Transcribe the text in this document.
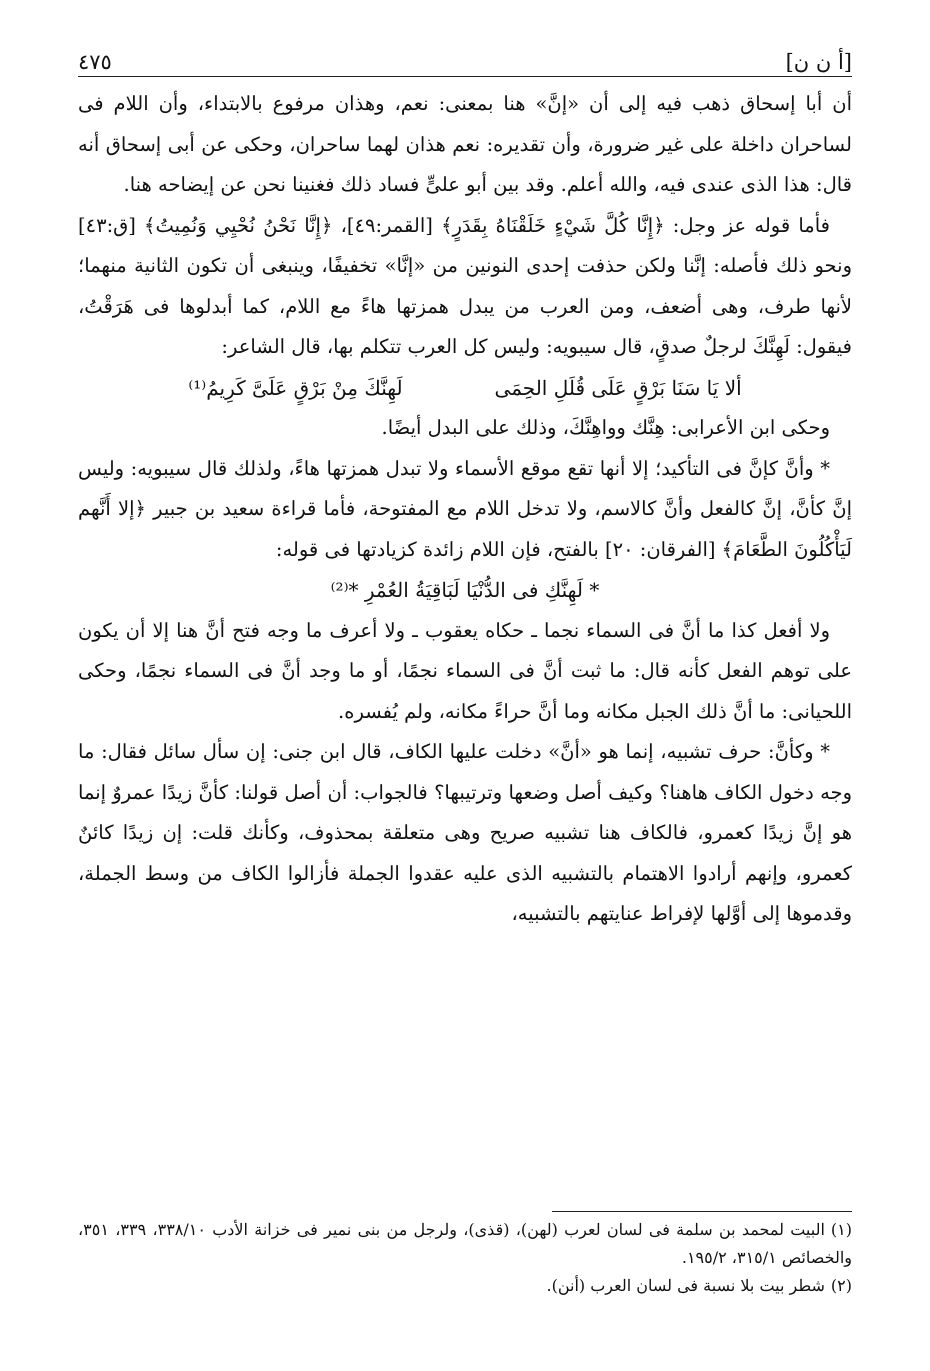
[أ ن ن]
٤٧٥

أن أبا إسحاق ذهب فيه إلى أن «إنَّ» هنا بمعنى: نعم، وهذان مرفوع بالابتداء، وأن اللام فى لساحران داخلة على غير ضرورة، وأن تقديره: نعم هذان لهما ساحران، وحكى عن أبى إسحاق أنه قال: هذا الذى عندى فيه، والله أعلم. وقد بين أبو علىٍّ فساد ذلك فغنينا نحن عن إيضاحه هنا.

فأما قوله عز وجل: ﴿إِنَّا كُلَّ شَيْءٍ خَلَقْنَاهُ بِقَدَرٍ﴾ [القمر:٤٩]، ﴿إِنَّا نَحْنُ نُحْيِي وَنُمِيتُ﴾ [ق:٤٣] ونحو ذلك فأصله: إنَّنا ولكن حذفت إحدى النونين من «إنَّا» تخفيفًا، وينبغى أن تكون الثانية منهما؛ لأنها طرف، وهى أضعف، ومن العرب من يبدل همزتها هاءً مع اللام، كما أبدلوها فى هَرَقْتُ، فيقول: لَهِنَّكَ لرجلٌ صدقٍ، قال سيبويه: وليس كل العرب تتكلم بها، قال الشاعر:

ألا يَا سَنَا بَرْقٍ عَلَى قُلَلِ الحِمَى
لَهِنَّكَ مِنْ بَرْقٍ عَلَىَّ كَرِيمُ⁽¹⁾

وحكى ابن الأعرابى: هِنَّك وواهِنَّكَ، وذلك على البدل أيضًا.

* وأنَّ كإنَّ فى التأكيد؛ إلا أنها تقع موقع الأسماء ولا تبدل همزتها هاءً، ولذلك قال سيبويه: وليس إنَّ كأنَّ، إنَّ كالفعل وأنَّ كالاسم، ولا تدخل اللام مع المفتوحة، فأما قراءة سعيد بن جبير ﴿إلا أَنَّهم لَيَأْكُلُونَ الطَّعَامَ﴾ [الفرقان: ٢٠] بالفتح، فإن اللام زائدة كزيادتها فى قوله:

* لَهِنَّكِ فى الدُّنْيَا لَبَاقِيَةُ العُمْرِ *⁽²⁾

ولا أفعل كذا ما أنَّ فى السماء نجما ـ حكاه يعقوب ـ ولا أعرف ما وجه فتح أنَّ هنا إلا أن يكون على توهم الفعل كأنه قال: ما ثبت أنَّ فى السماء نجمًا، أو ما وجد أنَّ فى السماء نجمًا، وحكى اللحيانى: ما أنَّ ذلك الجبل مكانه وما أنَّ حراءً مكانه، ولم يُفسره.

* وكأنَّ: حرف تشبيه، إنما هو «أنَّ» دخلت عليها الكاف، قال ابن جنى: إن سأل سائل فقال: ما وجه دخول الكاف هاهنا؟ وكيف أصل وضعها وترتيبها؟ فالجواب: أن أصل قولنا: كأنَّ زيدًا عمروٌ إنما هو إنَّ زيدًا كعمرو، فالكاف هنا تشبيه صريح وهى متعلقة بمحذوف، وكأنك قلت: إن زيدًا كائنٌ كعمرو، وإنهم أرادوا الاهتمام بالتشبيه الذى عليه عقدوا الجملة فأزالوا الكاف من وسط الجملة، وقدموها إلى أوَّلها لإفراط عنايتهم بالتشبيه،

(١)البيت لمحمد بن سلمة فى لسان لعرب (لهن)، (قذى)، ولرجل من بنى نمير فى خزانة الأدب ٣٣٨/١٠، ٣٣٩، ٣٥١، والخصائص ٣١٥/١، ١٩٥/٢.

(٢)شطر بيت بلا نسبة فى لسان العرب (أنن).
